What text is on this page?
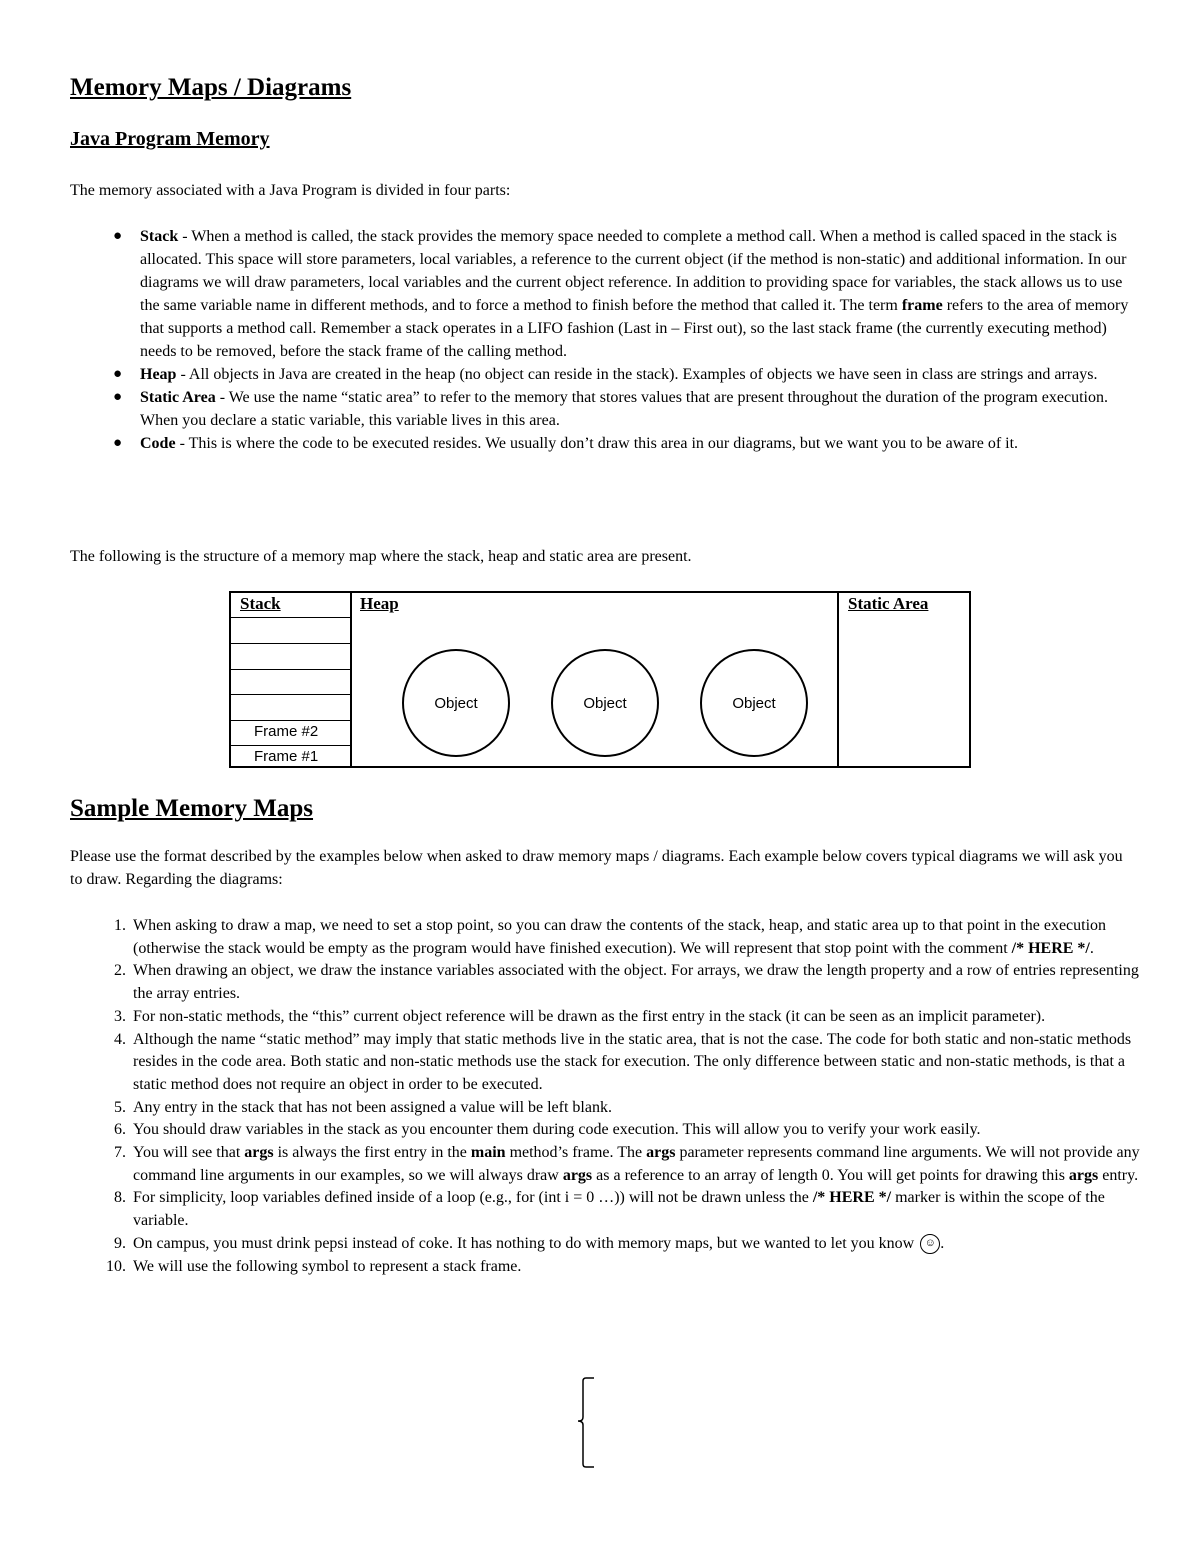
Memory Maps / Diagrams
Java Program Memory
The memory associated with a Java Program is divided in four parts:
● Stack - When a method is called, the stack provides the memory space needed to complete a method call. When a method is called spaced in the stack is allocated. This space will store parameters, local variables, a reference to the current object (if the method is non-static) and additional information. In our diagrams we will draw parameters, local variables and the current object reference. In addition to providing space for variables, the stack allows us to use the same variable name in different methods, and to force a method to finish before the method that called it. The term frame refers to the area of memory that supports a method call. Remember a stack operates in a LIFO fashion (Last in – First out), so the last stack frame (the currently executing method) needs to be removed, before the stack frame of the calling method.
● Heap - All objects in Java are created in the heap (no object can reside in the stack). Examples of objects we have seen in class are strings and arrays.
● Static Area - We use the name “static area” to refer to the memory that stores values that are present throughout the duration of the program execution. When you declare a static variable, this variable lives in this area.
● Code - This is where the code to be executed resides. We usually don’t draw this area in our diagrams, but we want you to be aware of it.
The following is the structure of a memory map where the stack, heap and static area are present.
Stack	Heap	Static Area
Frame #2
Frame #1
Object	Object	Object
Sample Memory Maps
Please use the format described by the examples below when asked to draw memory maps / diagrams. Each example below covers typical diagrams we will ask you to draw. Regarding the diagrams:
1. When asking to draw a map, we need to set a stop point, so you can draw the contents of the stack, heap, and static area up to that point in the execution (otherwise the stack would be empty as the program would have finished execution). We will represent that stop point with the comment /* HERE */.
2. When drawing an object, we draw the instance variables associated with the object. For arrays, we draw the length property and a row of entries representing the array entries.
3. For non-static methods, the “this” current object reference will be drawn as the first entry in the stack (it can be seen as an implicit parameter).
4. Although the name “static method” may imply that static methods live in the static area, that is not the case. The code for both static and non-static methods resides in the code area. Both static and non-static methods use the stack for execution. The only difference between static and non-static methods, is that a static method does not require an object in order to be executed.
5. Any entry in the stack that has not been assigned a value will be left blank.
6. You should draw variables in the stack as you encounter them during code execution. This will allow you to verify your work easily.
7. You will see that args is always the first entry in the main method’s frame. The args parameter represents command line arguments. We will not provide any command line arguments in our examples, so we will always draw args as a reference to an array of length 0. You will get points for drawing this args entry.
8. For simplicity, loop variables defined inside of a loop (e.g., for (int i = 0 …)) will not be drawn unless the /* HERE */ marker is within the scope of the variable.
9. On campus, you must drink pepsi instead of coke. It has nothing to do with memory maps, but we wanted to let you know ☺ .
10. We will use the following symbol to represent a stack frame.
